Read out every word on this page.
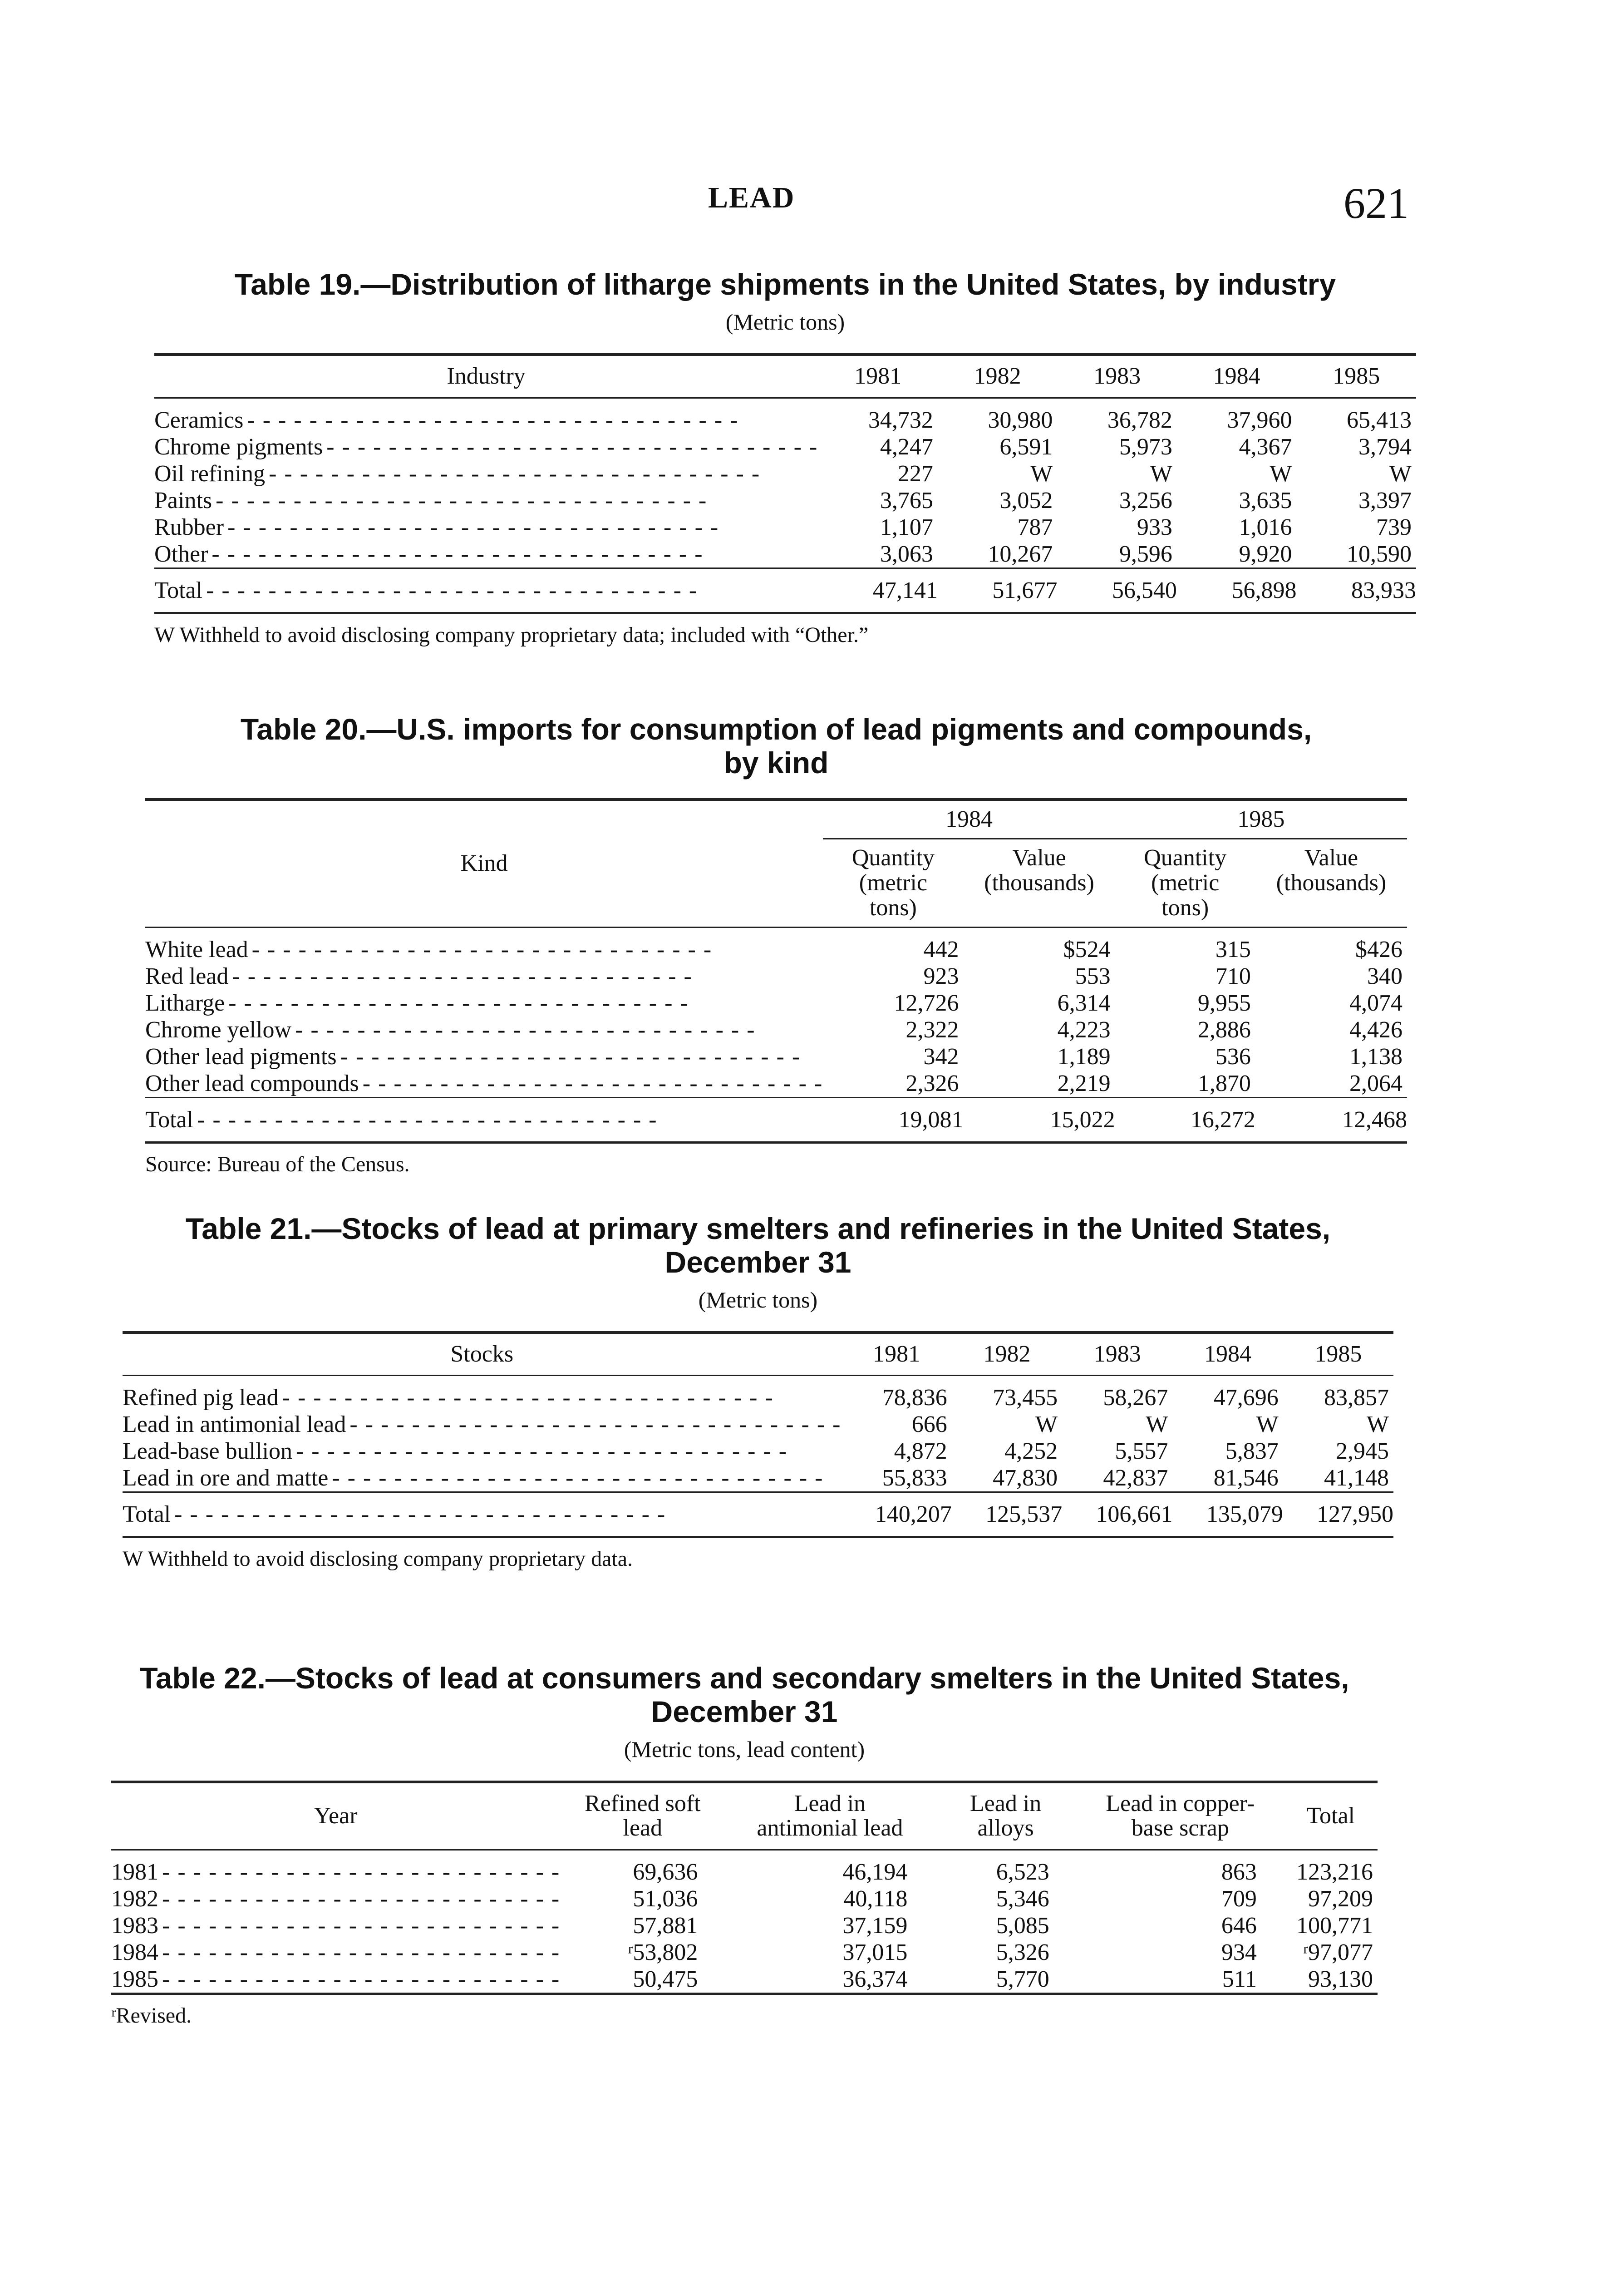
LEAD	621
Table 19.—Distribution of litharge shipments in the United States, by industry
(Metric tons)
Industry	1981	1982	1983	1984	1985
Ceramics - - - - - - - - - - - - - - - - - - - - - - - - - - - - - - - -	34,732	30,980	36,782	37,960	65,413
Chrome pigments - - - - - - - - - - - - - - - - - - - - - - - - - - - - - - - -	4,247	6,591	5,973	4,367	3,794
Oil refining - - - - - - - - - - - - - - - - - - - - - - - - - - - - - - - -	227	W	W	W	W
Paints - - - - - - - - - - - - - - - - - - - - - - - - - - - - - - - -	3,765	3,052	3,256	3,635	3,397
Rubber - - - - - - - - - - - - - - - - - - - - - - - - - - - - - - - -	1,107	787	933	1,016	739
Other - - - - - - - - - - - - - - - - - - - - - - - - - - - - - - - -	3,063	10,267	9,596	9,920	10,590
Total - - - - - - - - - - - - - - - - - - - - - - - - - - - - - - - -	47,141	51,677	56,540	56,898	83,933
W Withheld to avoid disclosing company proprietary data; included with “Other.”
Table 20.—U.S. imports for consumption of lead pigments and compounds,
by kind
Kind	1984		1985	
	Quantity (metric tons)	Value (thousands)	Quantity (metric tons)	Value (thousands)
White lead - - - - - - - - - - - - - - - - - - - - - - - - - - - - - -	442	$524	315	$426
Red lead - - - - - - - - - - - - - - - - - - - - - - - - - - - - - -	923	553	710	340
Litharge - - - - - - - - - - - - - - - - - - - - - - - - - - - - - -	12,726	6,314	9,955	4,074
Chrome yellow - - - - - - - - - - - - - - - - - - - - - - - - - - - - - -	2,322	4,223	2,886	4,426
Other lead pigments - - - - - - - - - - - - - - - - - - - - - - - - - - - - - -	342	1,189	536	1,138
Other lead compounds - - - - - - - - - - - - - - - - - - - - - - - - - - - - - -	2,326	2,219	1,870	2,064
Total - - - - - - - - - - - - - - - - - - - - - - - - - - - - - -	19,081	15,022	16,272	12,468
Source: Bureau of the Census.
Table 21.—Stocks of lead at primary smelters and refineries in the United States,
December 31
(Metric tons)
Stocks	1981	1982	1983	1984	1985
Refined pig lead - - - - - - - - - - - - - - - - - - - - - - - - - - - - - - - -	78,836	73,455	58,267	47,696	83,857
Lead in antimonial lead - - - - - - - - - - - - - - - - - - - - - - - - - - - - - - - -	666	W	W	W	W
Lead-base bullion - - - - - - - - - - - - - - - - - - - - - - - - - - - - - - - -	4,872	4,252	5,557	5,837	2,945
Lead in ore and matte - - - - - - - - - - - - - - - - - - - - - - - - - - - - - - - -	55,833	47,830	42,837	81,546	41,148
Total - - - - - - - - - - - - - - - - - - - - - - - - - - - - - - - -	140,207	125,537	106,661	135,079	127,950
W Withheld to avoid disclosing company proprietary data.
Table 22.—Stocks of lead at consumers and secondary smelters in the United States,
December 31
(Metric tons, lead content)
Year	Refined soft lead	Lead in antimonial lead	Lead in alloys	Lead in copper-base scrap	Total
1981 - - - - - - - - - - - - - - - - - - - - - - - - - -	69,636	46,194	6,523	863	123,216
1982 - - - - - - - - - - - - - - - - - - - - - - - - - -	51,036	40,118	5,346	709	97,209
1983 - - - - - - - - - - - - - - - - - - - - - - - - - -	57,881	37,159	5,085	646	100,771
1984 - - - - - - - - - - - - - - - - - - - - - - - - - -	ʳ53,802	37,015	5,326	934	ʳ97,077
1985 - - - - - - - - - - - - - - - - - - - - - - - - - -	50,475	36,374	5,770	511	93,130
ʳRevised.
